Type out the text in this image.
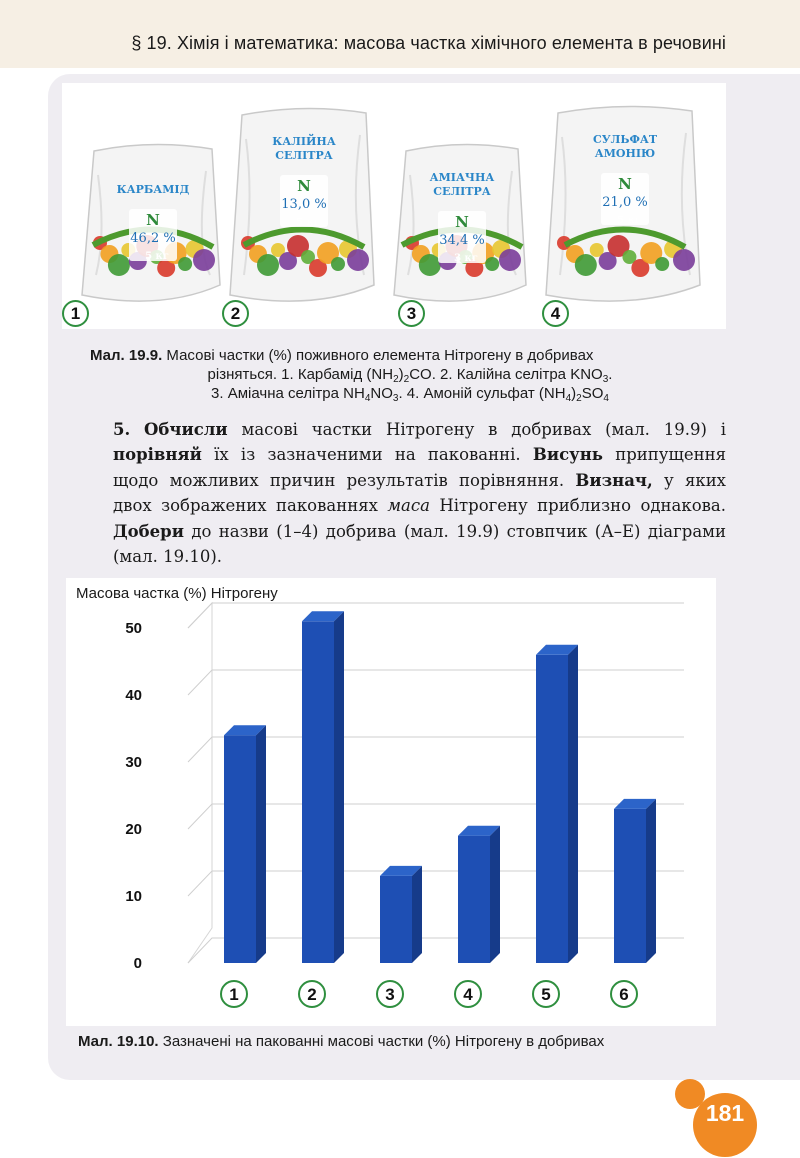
§ 19. Хімія і математика: масова частка хімічного елемента в речовині
КАРБАМІД
N
46,2 %
5 кг
КАЛІЙНА
СЕЛІТРА
N
13,0 %
5 кг
АМІАЧНА
СЕЛІТРА
N
34,4 %
3 кг
СУЛЬФАТ
АМОНІЮ
N
21,0 %
5 кг
1	2	3	4
Мал. 19.9. Масові частки (%) поживного елемента Нітрогену в добривах
різняться. 1. Карбамід $(NH_2)_2CO$. 2. Калійна селітра $KNO_3$.
3. Аміачна селітра $NH_4NO_3$. 4. Амоній сульфат $(NH_4)_2SO_4$
5. Обчисли масові частки Нітрогену в добривах (мал. 19.9) і порівняй їх із зазначеними на пакованні. Висунь припущення щодо можливих причин результатів порівняння. Визнач, у яких двох зображених пакованнях маса Нітрогену приблизно однакова. Добери до назви (1–4) добрива (мал. 19.9) стовпчик (А–Е) діаграми (мал. 19.10).
Масова частка (%) Нітрогену
0
10
20
30
40
50
1	2	3	4	5	6
Мал. 19.10. Зазначені на пакованні масові частки (%) Нітрогену в добривах
181
